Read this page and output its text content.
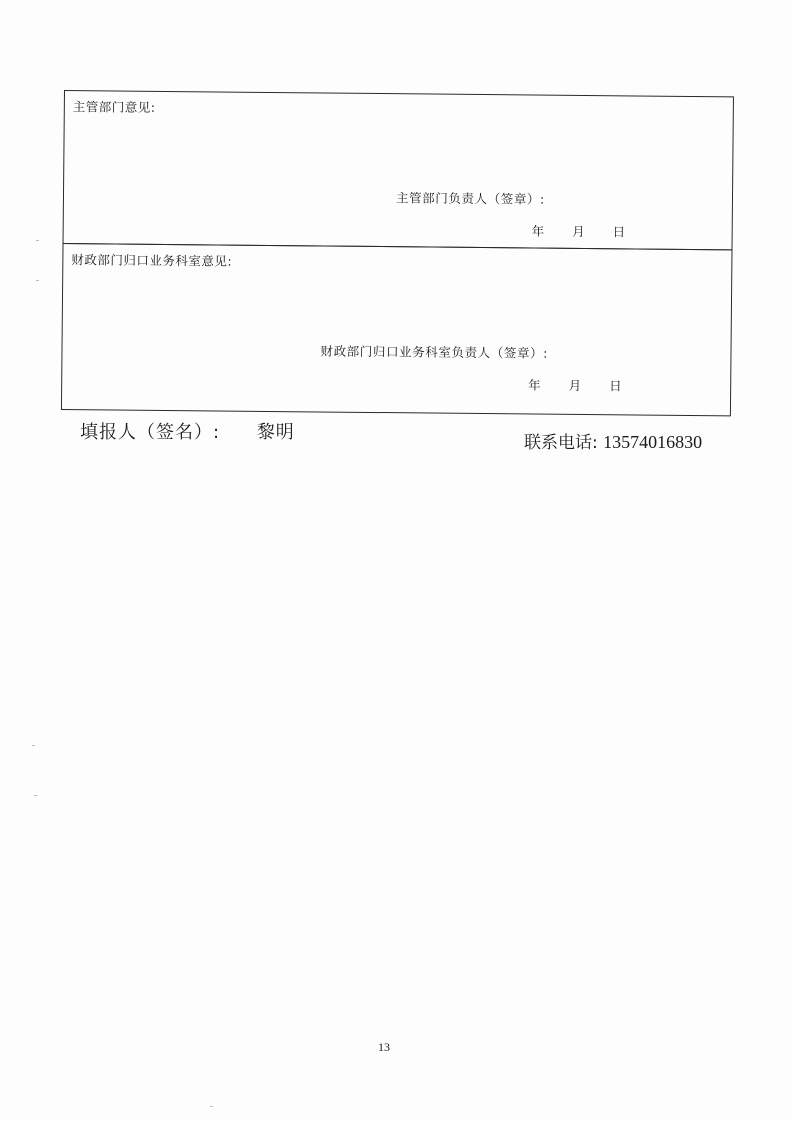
主管部门意见:
主管部门负责人（签章）:
年 月 日
财政部门归口业务科室意见:
财政部门归口业务科室负责人（签章）:
年 月 日
填报人（签名）: 黎明	联系电话: 13574016830
13
